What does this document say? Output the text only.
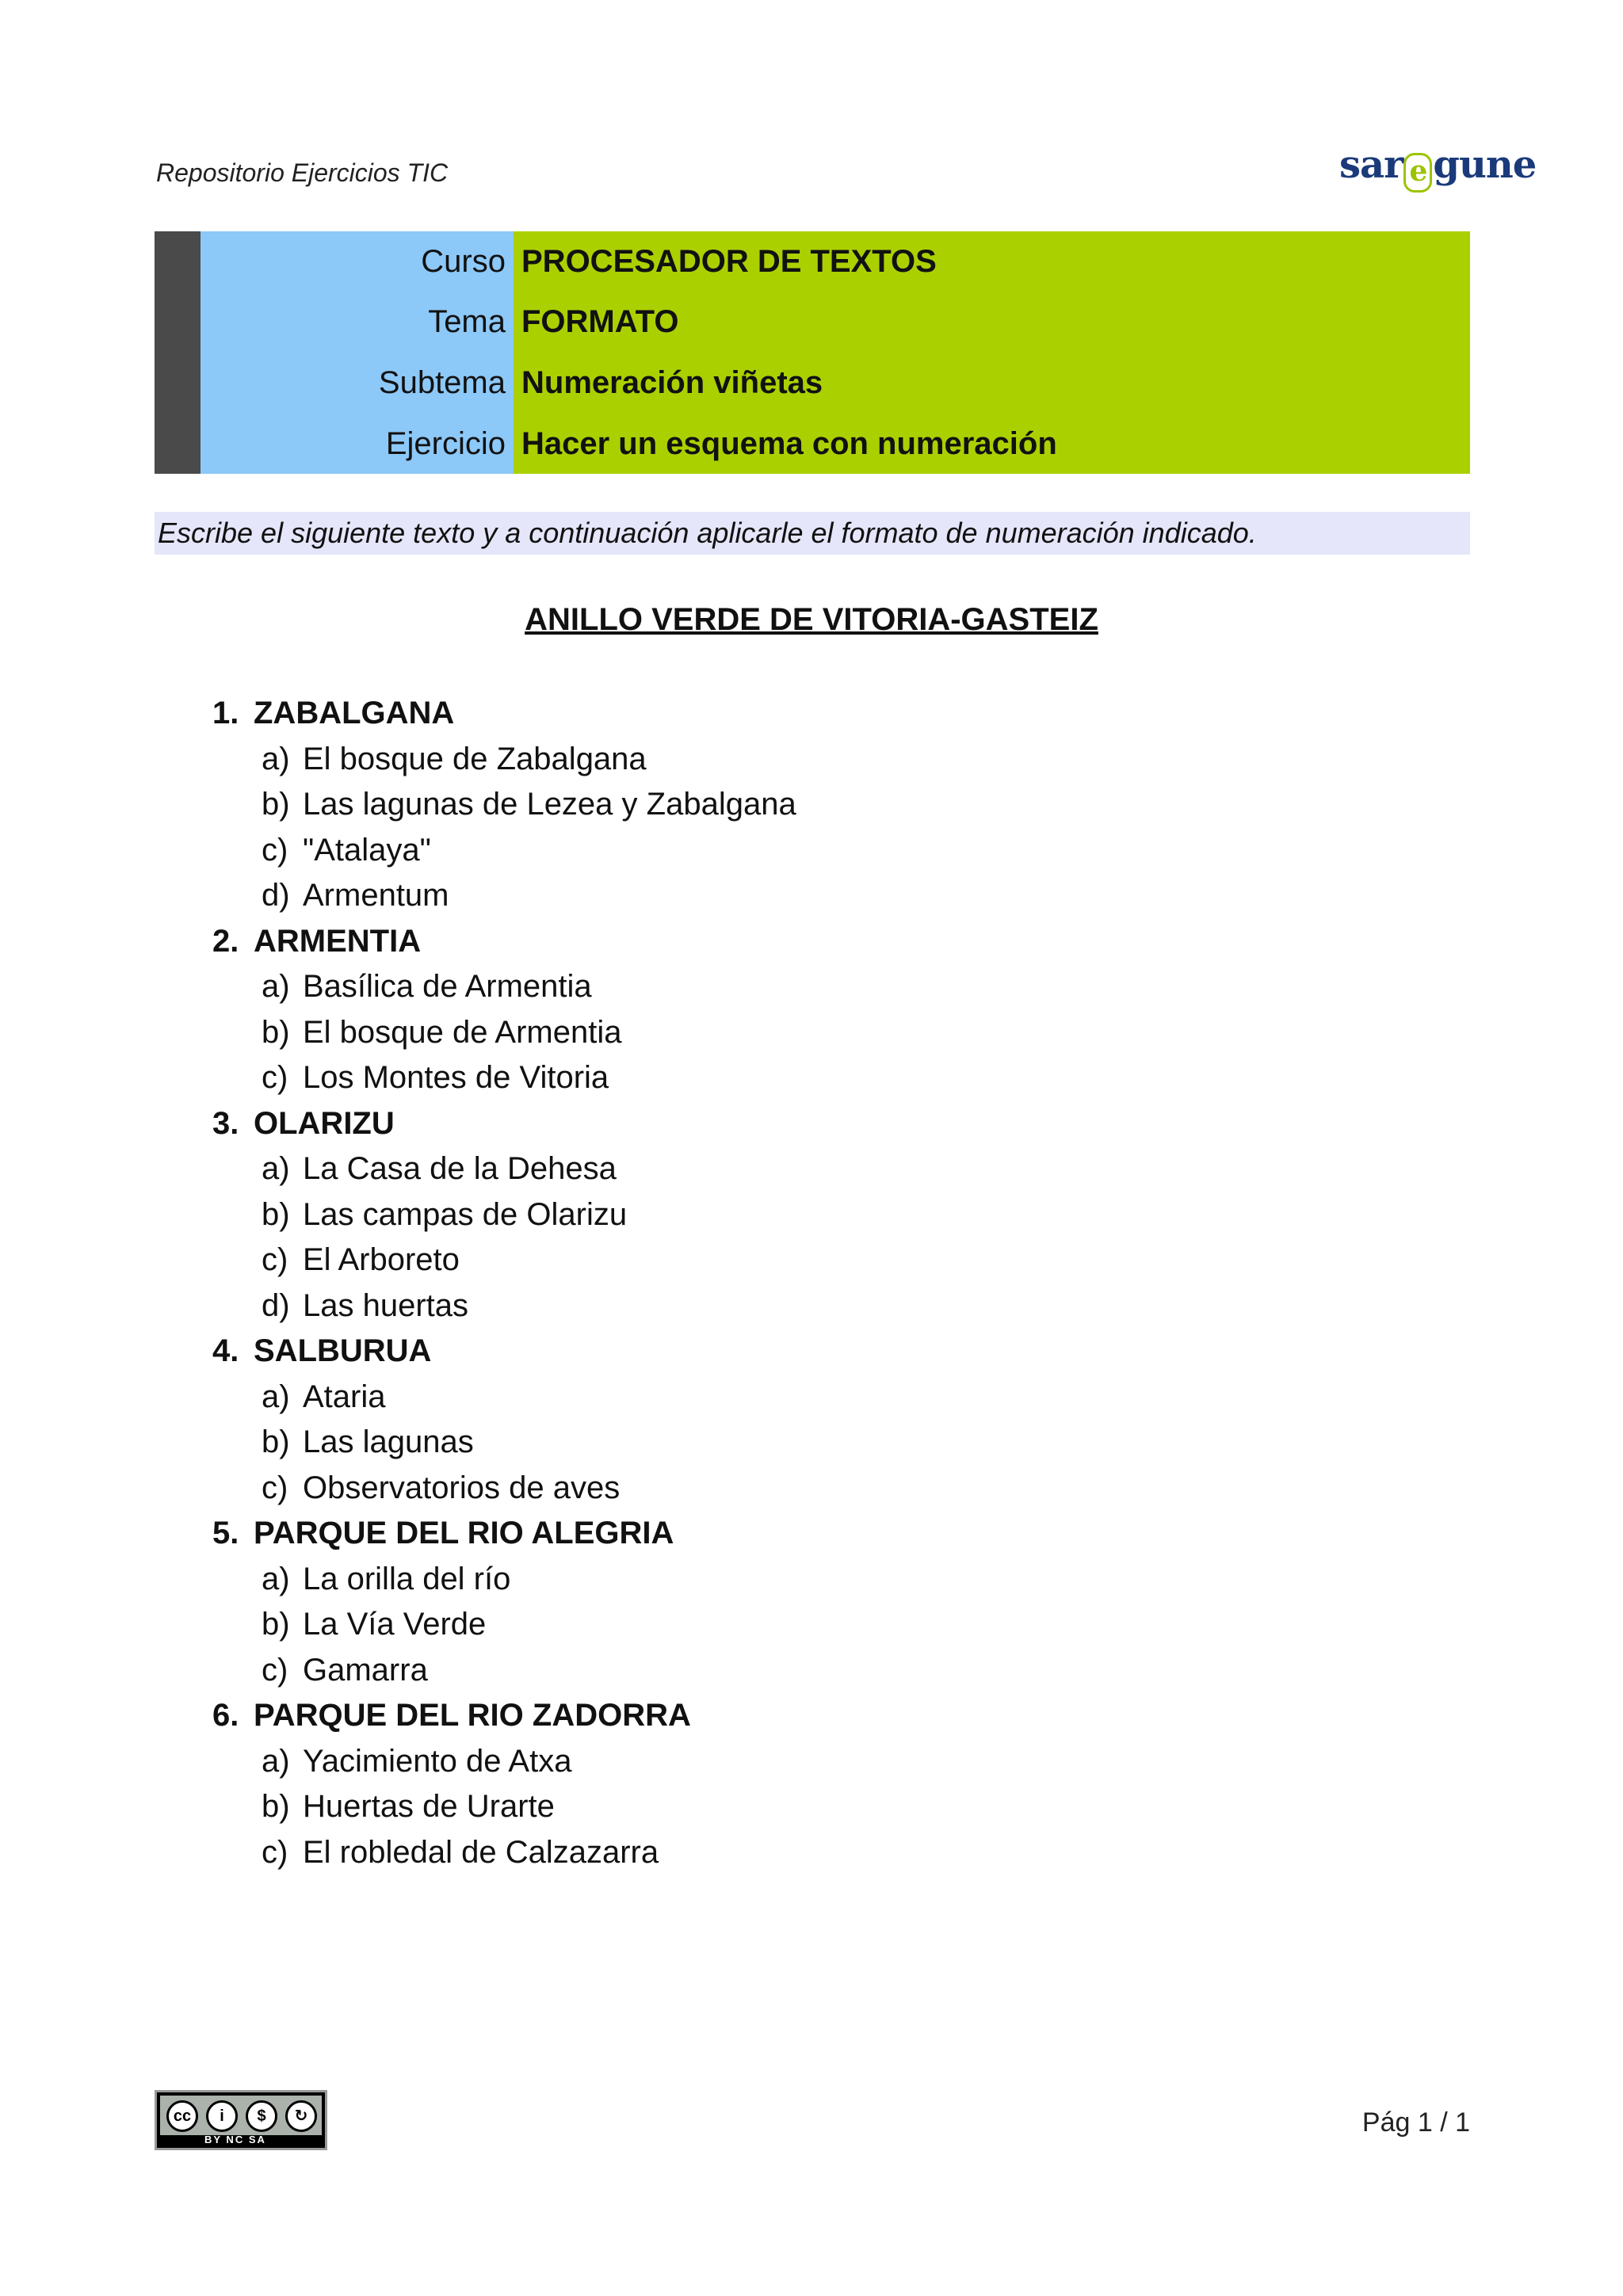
Repositorio Ejercicios TIC	sar e gune
Curso PROCESADOR DE TEXTOS
Tema FORMATO
Subtema Numeración viñetas
Ejercicio Hacer un esquema con numeración
Escribe el siguiente texto y a continuación aplicarle el formato de numeración indicado.
ANILLO VERDE DE VITORIA-GASTEIZ
1. ZABALGANA
a) El bosque de Zabalgana
b) Las lagunas de Lezea y Zabalgana
c) "Atalaya"
d) Armentum
2. ARMENTIA
a) Basílica de Armentia
b) El bosque de Armentia
c) Los Montes de Vitoria
3. OLARIZU
a) La Casa de la Dehesa
b) Las campas de Olarizu
c) El Arboreto
d) Las huertas
4. SALBURUA
a) Ataria
b) Las lagunas
c) Observatorios de aves
5. PARQUE DEL RIO ALEGRIA
a) La orilla del río
b) La Vía Verde
c) Gamarra
6. PARQUE DEL RIO ZADORRA
a) Yacimiento de Atxa
b) Huertas de Urarte
c) El robledal de Calzazarra
cc	i	$	↻
BY NC SA
Pág 1 / 1
